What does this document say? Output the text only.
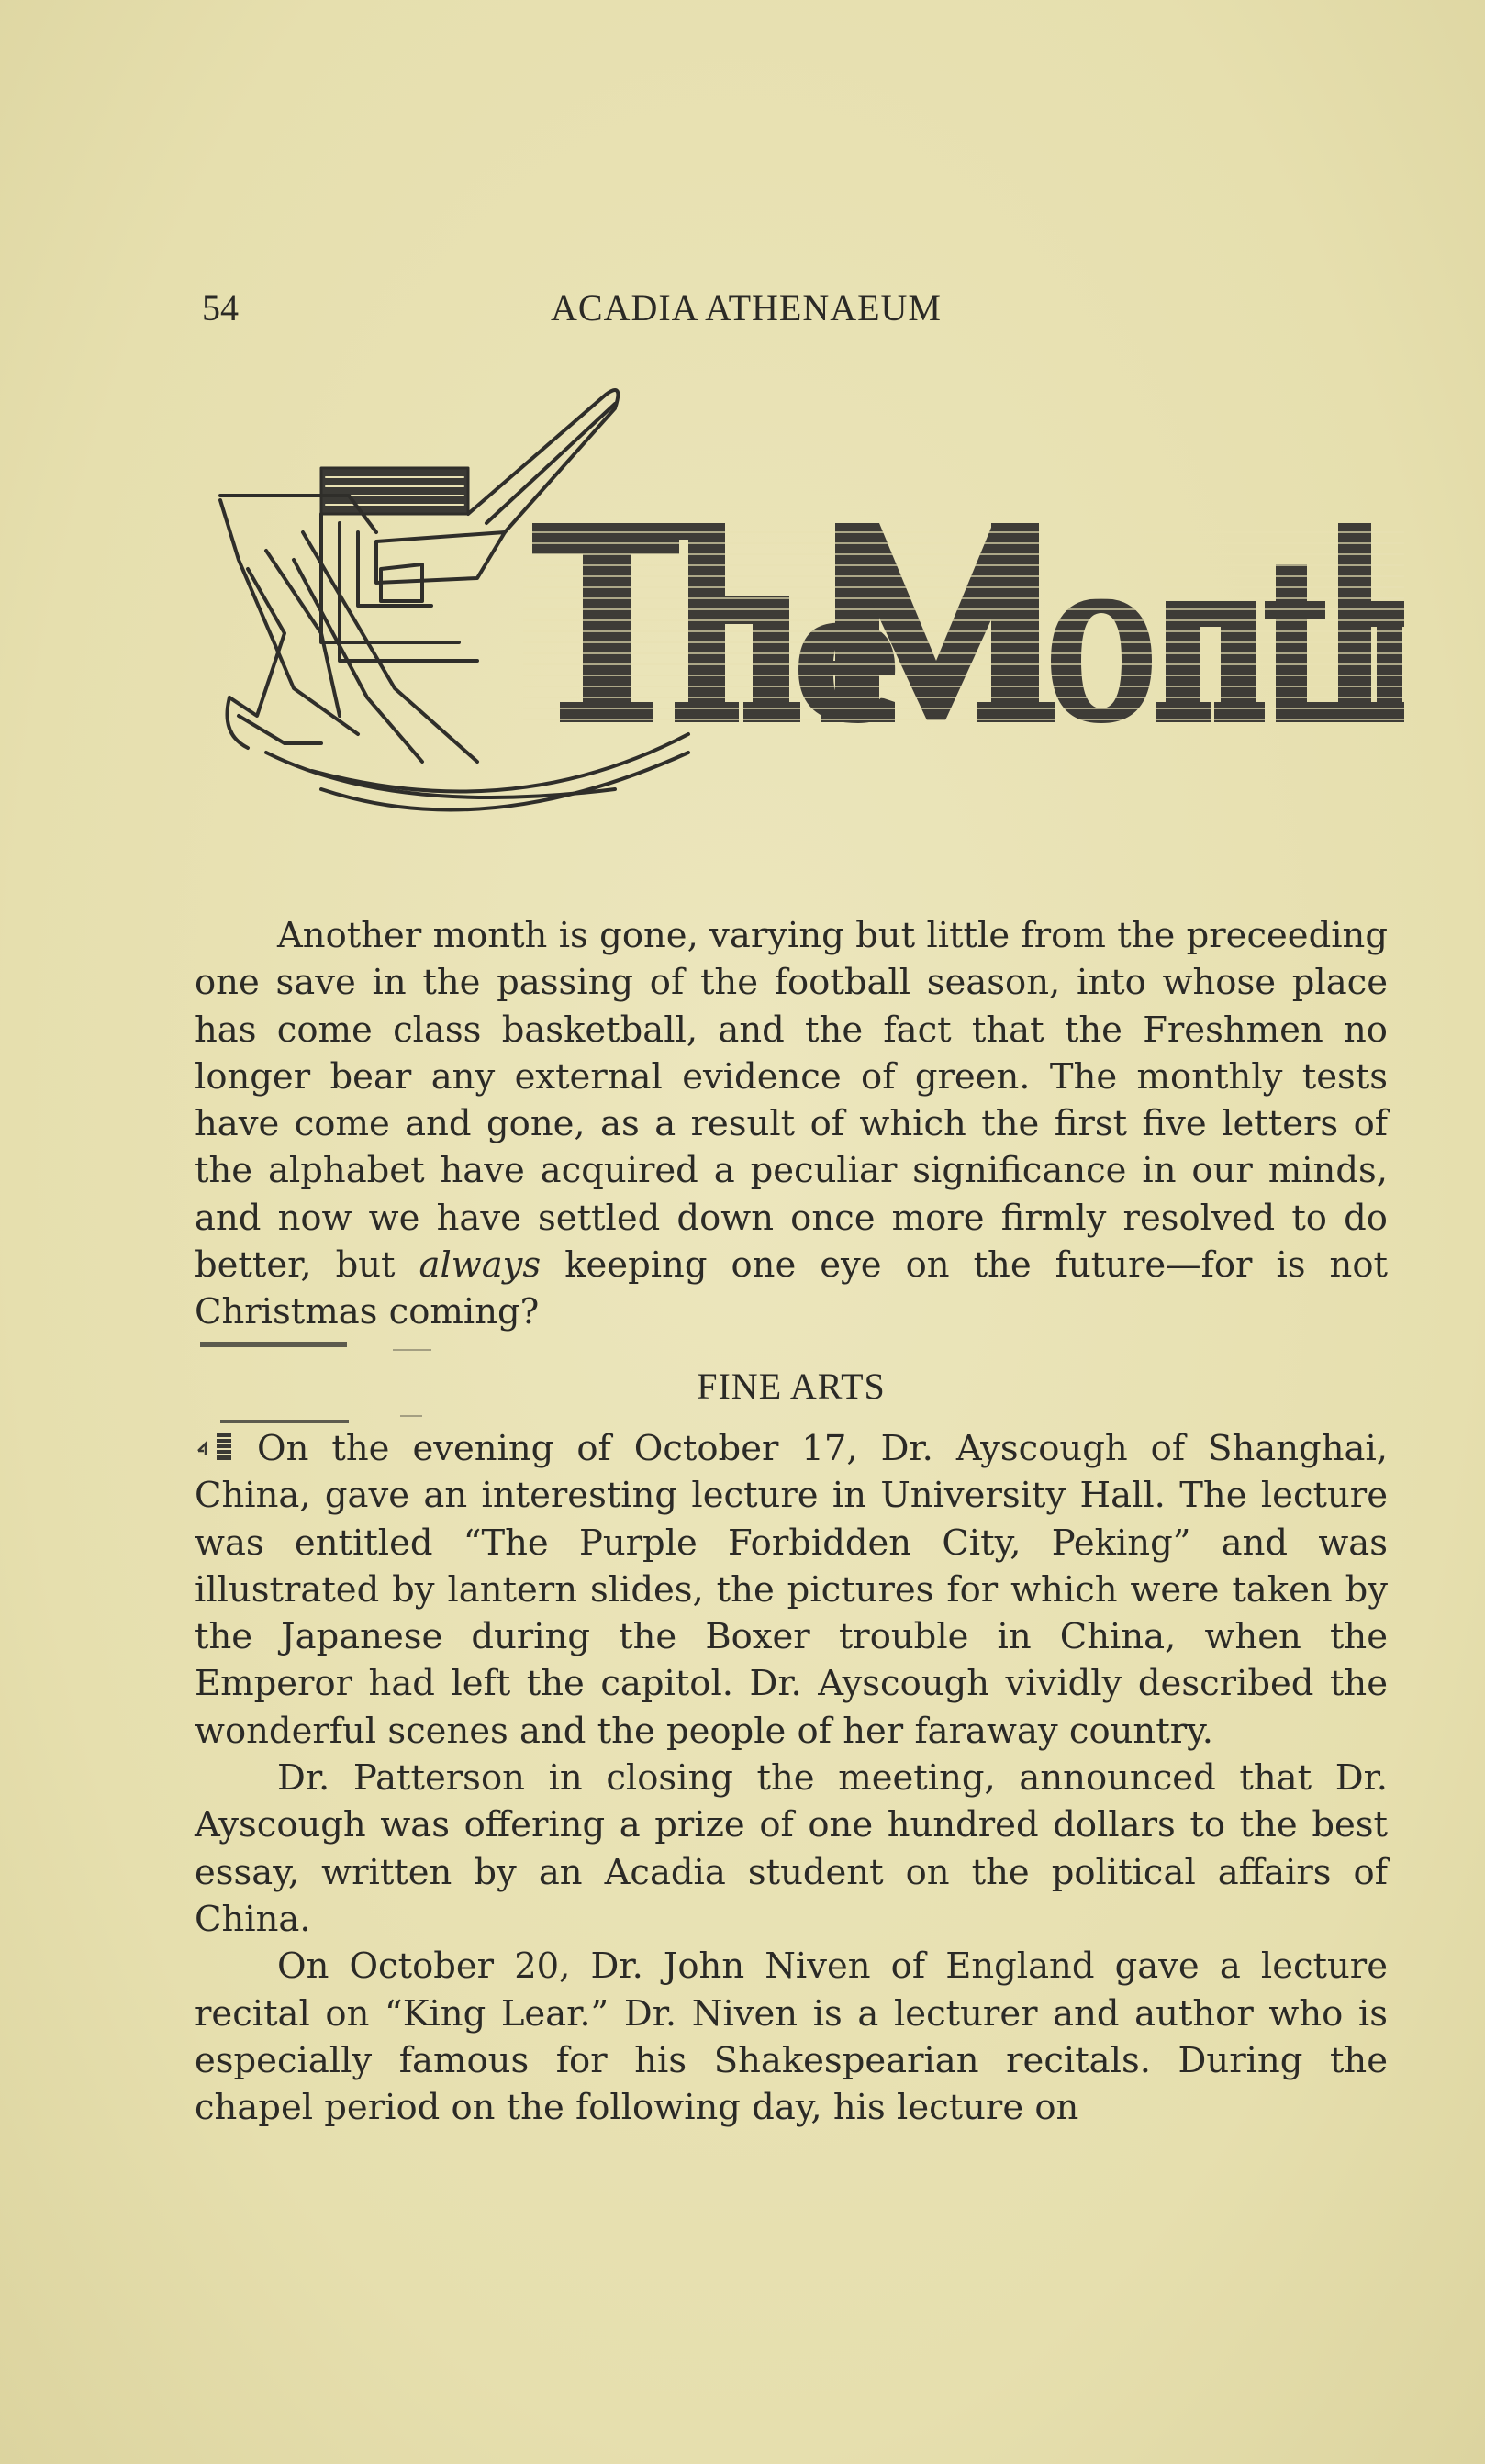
54	ACADIA ATHENAEUM

Another month is gone, varying but little from the preceeding one save in the passing of the football season, into whose place has come class basketball, and the fact that the Freshmen no longer bear any external evidence of green. The monthly tests have come and gone, as a result of which the first five letters of the alphabet have acquired a peculiar significance in our minds, and now we have settled down once more firmly resolved to do better, but always keeping one eye on the future—for is not Christmas coming?

FINE ARTS

On the evening of October 17, Dr. Ayscough of Shanghai, China, gave an interesting lecture in University Hall. The lecture was entitled “The Purple Forbidden City, Peking” and was illustrated by lantern slides, the pictures for which were taken by the Japanese during the Boxer trouble in China, when the Emperor had left the capitol. Dr. Ayscough vividly described the wonderful scenes and the people of her faraway country.

Dr. Patterson in closing the meeting, announced that Dr. Ayscough was offering a prize of one hundred dollars to the best essay, written by an Acadia student on the political affairs of China.

On October 20, Dr. John Niven of England gave a lecture recital on “King Lear.” Dr. Niven is a lecturer and author who is especially famous for his Shakespearian recitals. During the chapel period on the following day, his lecture on
